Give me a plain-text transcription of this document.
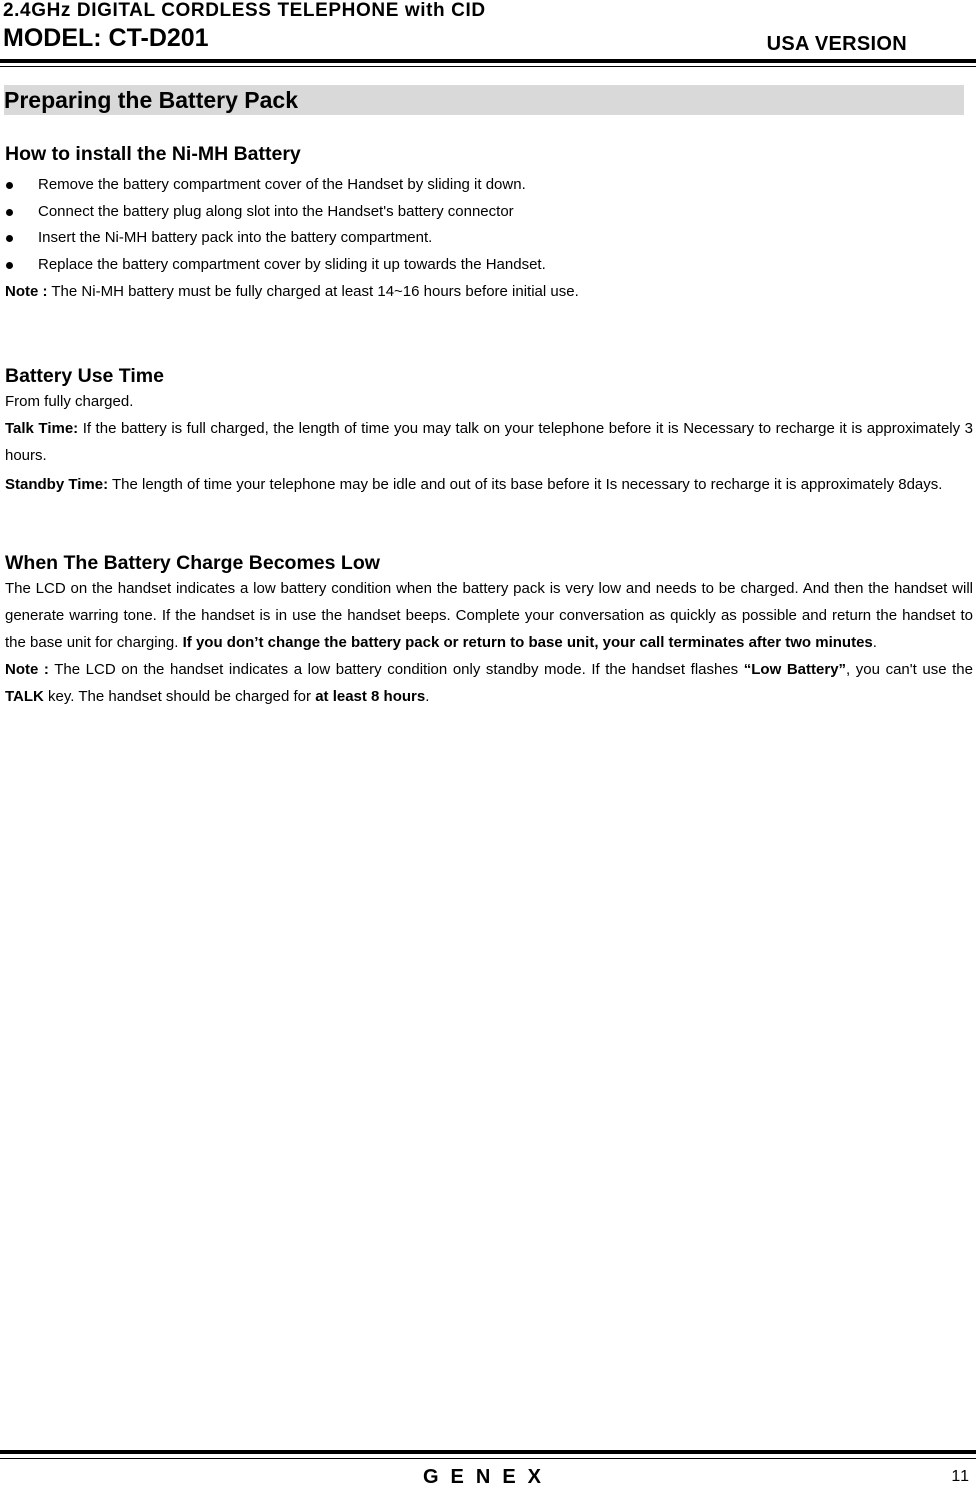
2.4GHz DIGITAL CORDLESS TELEPHONE with CID
MODEL: CT-D201	USA VERSION
Preparing the Battery Pack
How to install the Ni-MH Battery
Remove the battery compartment cover of the Handset by sliding it down.
Connect the battery plug along slot into the Handset's battery connector
Insert the Ni-MH battery pack into the battery compartment.
Replace the battery compartment cover by sliding it up towards the Handset.

Note : The Ni-MH battery must be fully charged at least 14~16 hours before initial use.

Battery Use Time

From fully charged.

Talk Time: If the battery is full charged, the length of time you may talk on your telephone before it is Necessary to recharge it is approximately 3 hours.

Standby Time: The length of time your telephone may be idle and out of its base before it Is necessary to recharge it is approximately 8days.

When The Battery Charge Becomes Low

The LCD on the handset indicates a low battery condition when the battery pack is very low and needs to be charged. And then the handset will generate warring tone. If the handset is in use the handset beeps. Complete your conversation as quickly as possible and return the handset to the base unit for charging. If you don’t change the battery pack or return to base unit, your call terminates after two minutes.

Note : The LCD on the handset indicates a low battery condition only standby mode. If the handset flashes “Low Battery”, you can't use the TALK key. The handset should be charged for at least 8 hours.

GENEX	11
